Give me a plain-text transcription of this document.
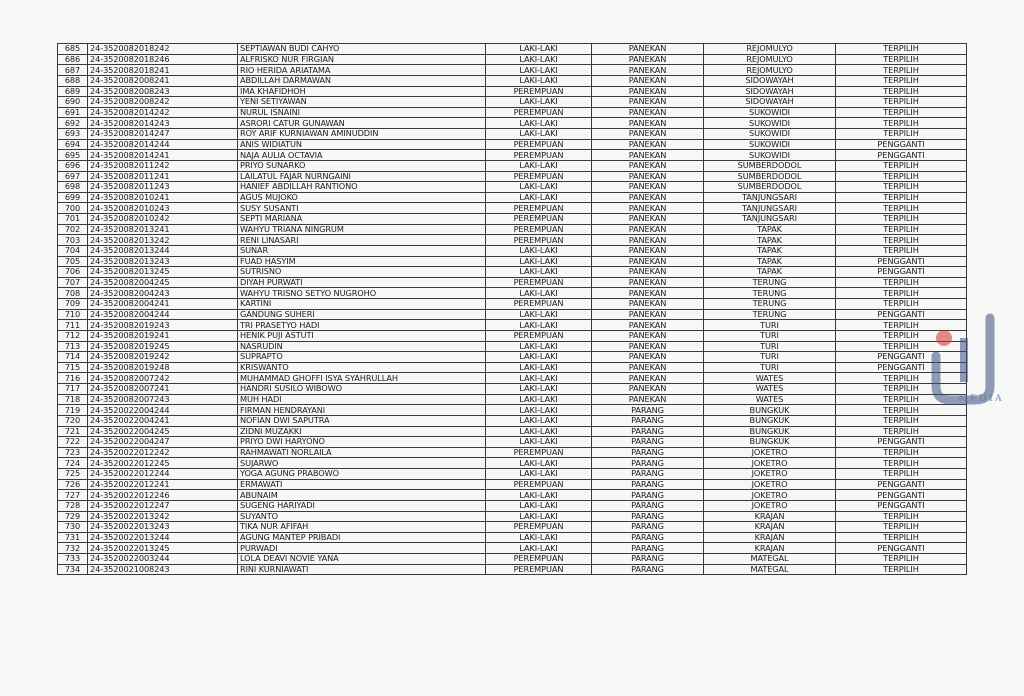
685	24-3520082018242	SEPTIAWAN BUDI CAHYO	LAKI-LAKI	PANEKAN	REJOMULYO	TERPILIH
686	24-3520082018246	ALFRISKO NUR FIRGIAN	LAKI-LAKI	PANEKAN	REJOMULYO	TERPILIH
687	24-3520082018241	RIO HERIDA ARIATAMA	LAKI-LAKI	PANEKAN	REJOMULYO	TERPILIH
688	24-3520082008241	ABDILLAH DARMAWAN	LAKI-LAKI	PANEKAN	SIDOWAYAH	TERPILIH
689	24-3520082008243	IMA KHAFIDHOH	PEREMPUAN	PANEKAN	SIDOWAYAH	TERPILIH
690	24-3520082008242	YENI SETIYAWAN	LAKI-LAKI	PANEKAN	SIDOWAYAH	TERPILIH
691	24-3520082014242	NURUL ISNAINI	PEREMPUAN	PANEKAN	SUKOWIDI	TERPILIH
692	24-3520082014243	ASRORI CATUR GUNAWAN	LAKI-LAKI	PANEKAN	SUKOWIDI	TERPILIH
693	24-3520082014247	ROY ARIF KURNIAWAN AMINUDDIN	LAKI-LAKI	PANEKAN	SUKOWIDI	TERPILIH
694	24-3520082014244	ANIS WIDIATUN	PEREMPUAN	PANEKAN	SUKOWIDI	PENGGANTI
695	24-3520082014241	NAJA AULIA OCTAVIA	PEREMPUAN	PANEKAN	SUKOWIDI	PENGGANTI
696	24-3520082011242	PRIYO SUNARKO	LAKI-LAKI	PANEKAN	SUMBERDODOL	TERPILIH
697	24-3520082011241	LAILATUL FAJAR NURNGAINI	PEREMPUAN	PANEKAN	SUMBERDODOL	TERPILIH
698	24-3520082011243	HANIEF ABDILLAH RANTIONO	LAKI-LAKI	PANEKAN	SUMBERDODOL	TERPILIH
699	24-3520082010241	AGUS MUJOKO	LAKI-LAKI	PANEKAN	TANJUNGSARI	TERPILIH
700	24-3520082010243	SUSY SUSANTI	PEREMPUAN	PANEKAN	TANJUNGSARI	TERPILIH
701	24-3520082010242	SEPTI MARIANA	PEREMPUAN	PANEKAN	TANJUNGSARI	TERPILIH
702	24-3520082013241	WAHYU TRIANA NINGRUM	PEREMPUAN	PANEKAN	TAPAK	TERPILIH
703	24-3520082013242	RENI LINASARI	PEREMPUAN	PANEKAN	TAPAK	TERPILIH
704	24-3520082013244	SUNAR	LAKI-LAKI	PANEKAN	TAPAK	TERPILIH
705	24-3520082013243	FUAD HASYIM	LAKI-LAKI	PANEKAN	TAPAK	PENGGANTI
706	24-3520082013245	SUTRISNO	LAKI-LAKI	PANEKAN	TAPAK	PENGGANTI
707	24-3520082004245	DIYAH PURWATI	PEREMPUAN	PANEKAN	TERUNG	TERPILIH
708	24-3520082004243	WAHYU TRISNO SETYO NUGROHO	LAKI-LAKI	PANEKAN	TERUNG	TERPILIH
709	24-3520082004241	KARTINI	PEREMPUAN	PANEKAN	TERUNG	TERPILIH
710	24-3520082004244	GANDUNG SUHERI	LAKI-LAKI	PANEKAN	TERUNG	PENGGANTI
711	24-3520082019243	TRI PRASETYO HADI	LAKI-LAKI	PANEKAN	TURI	TERPILIH
712	24-3520082019241	HENIK PUJI ASTUTI	PEREMPUAN	PANEKAN	TURI	TERPILIH
713	24-3520082019245	NASRUDIN	LAKI-LAKI	PANEKAN	TURI	TERPILIH
714	24-3520082019242	SUPRAPTO	LAKI-LAKI	PANEKAN	TURI	PENGGANTI
715	24-3520082019248	KRISWANTO	LAKI-LAKI	PANEKAN	TURI	PENGGANTI
716	24-3520082007242	MUHAMMAD GHOFFI ISYA SYAHRULLAH	LAKI-LAKI	PANEKAN	WATES	TERPILIH
717	24-3520082007241	HANDRI SUSILO WIBOWO	LAKI-LAKI	PANEKAN	WATES	TERPILIH
718	24-3520082007243	MUH HADI	LAKI-LAKI	PANEKAN	WATES	TERPILIH
719	24-3520022004244	FIRMAN HENDRAYANI	LAKI-LAKI	PARANG	BUNGKUK	TERPILIH
720	24-3520022004241	NOFIAN DWI SAPUTRA	LAKI-LAKI	PARANG	BUNGKUK	TERPILIH
721	24-3520022004245	ZIDNI MUZAKKI	LAKI-LAKI	PARANG	BUNGKUK	TERPILIH
722	24-3520022004247	PRIYO DWI HARYONO	LAKI-LAKI	PARANG	BUNGKUK	PENGGANTI
723	24-3520022012242	RAHMAWATI NORLAILA	PEREMPUAN	PARANG	JOKETRO	TERPILIH
724	24-3520022012245	SUJARWO	LAKI-LAKI	PARANG	JOKETRO	TERPILIH
725	24-3520022012244	YOGA AGUNG PRABOWO	LAKI-LAKI	PARANG	JOKETRO	TERPILIH
726	24-3520022012241	ERMAWATI	PEREMPUAN	PARANG	JOKETRO	PENGGANTI
727	24-3520022012246	ABUNAIM	LAKI-LAKI	PARANG	JOKETRO	PENGGANTI
728	24-3520022012247	SUGENG HARIYADI	LAKI-LAKI	PARANG	JOKETRO	PENGGANTI
729	24-3520022013242	SUYANTO	LAKI-LAKI	PARANG	KRAJAN	TERPILIH
730	24-3520022013243	TIKA NUR AFIFAH	PEREMPUAN	PARANG	KRAJAN	TERPILIH
731	24-3520022013244	AGUNG MANTEP PRIBADI	LAKI-LAKI	PARANG	KRAJAN	TERPILIH
732	24-3520022013245	PURWADI	LAKI-LAKI	PARANG	KRAJAN	PENGGANTI
733	24-3520022003244	LOLA DEAVI NOVIE YANA	PEREMPUAN	PARANG	MATEGAL	TERPILIH
734	24-3520021008243	RINI KURNIAWATI	PEREMPUAN	PARANG	MATEGAL	TERPILIH
MEDIA
